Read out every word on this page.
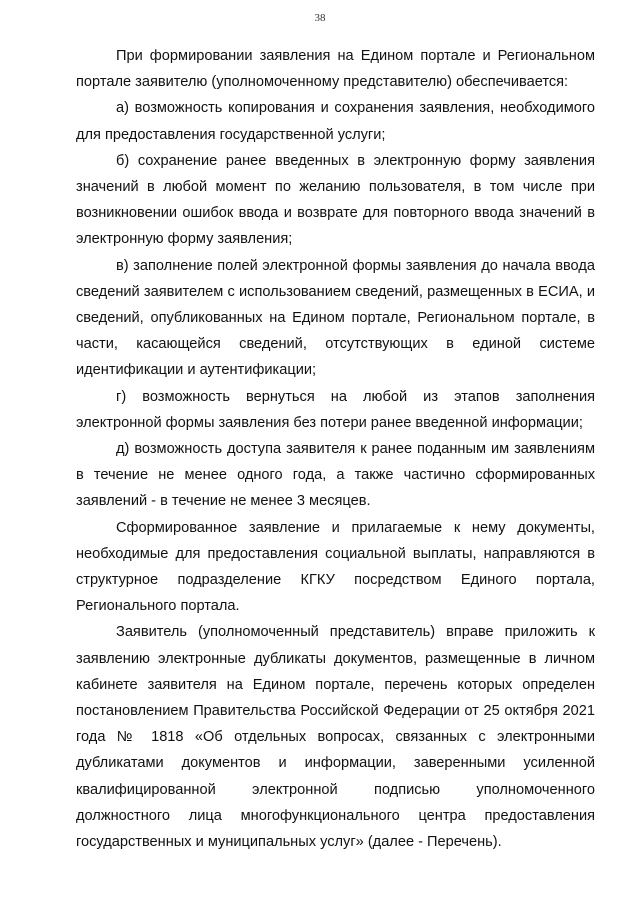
38

При формировании заявления на Едином портале и Региональном портале заявителю (уполномоченному представителю) обеспечивается:

а) возможность копирования и сохранения заявления, необходимого для предоставления государственной услуги;

б) сохранение ранее введенных в электронную форму заявления значений в любой момент по желанию пользователя, в том числе при возникновении ошибок ввода и возврате для повторного ввода значений в электронную форму заявления;

в) заполнение полей электронной формы заявления до начала ввода сведений заявителем с использованием сведений, размещенных в ЕСИА, и сведений, опубликованных на Едином портале, Региональном портале, в части, касающейся сведений, отсутствующих в единой системе идентификации и аутентификации;

г) возможность вернуться на любой из этапов заполнения электронной формы заявления без потери ранее введенной информации;

д) возможность доступа заявителя к ранее поданным им заявлениям в течение не менее одного года, а также частично сформированных заявлений - в течение не менее 3 месяцев.

Сформированное заявление и прилагаемые к нему документы, необходимые для предоставления социальной выплаты, направляются в структурное подразделение КГКУ посредством Единого портала, Регионального портала.

Заявитель (уполномоченный представитель) вправе приложить к заявлению электронные дубликаты документов, размещенные в личном кабинете заявителя на Едином портале, перечень которых определен постановлением Правительства Российской Федерации от 25 октября 2021 года № 1818 «Об отдельных вопросах, связанных с электронными дубликатами документов и информации, заверенными усиленной квалифицированной электронной подписью уполномоченного должностного лица многофункционального центра предоставления государственных и муниципальных услуг» (далее - Перечень).
